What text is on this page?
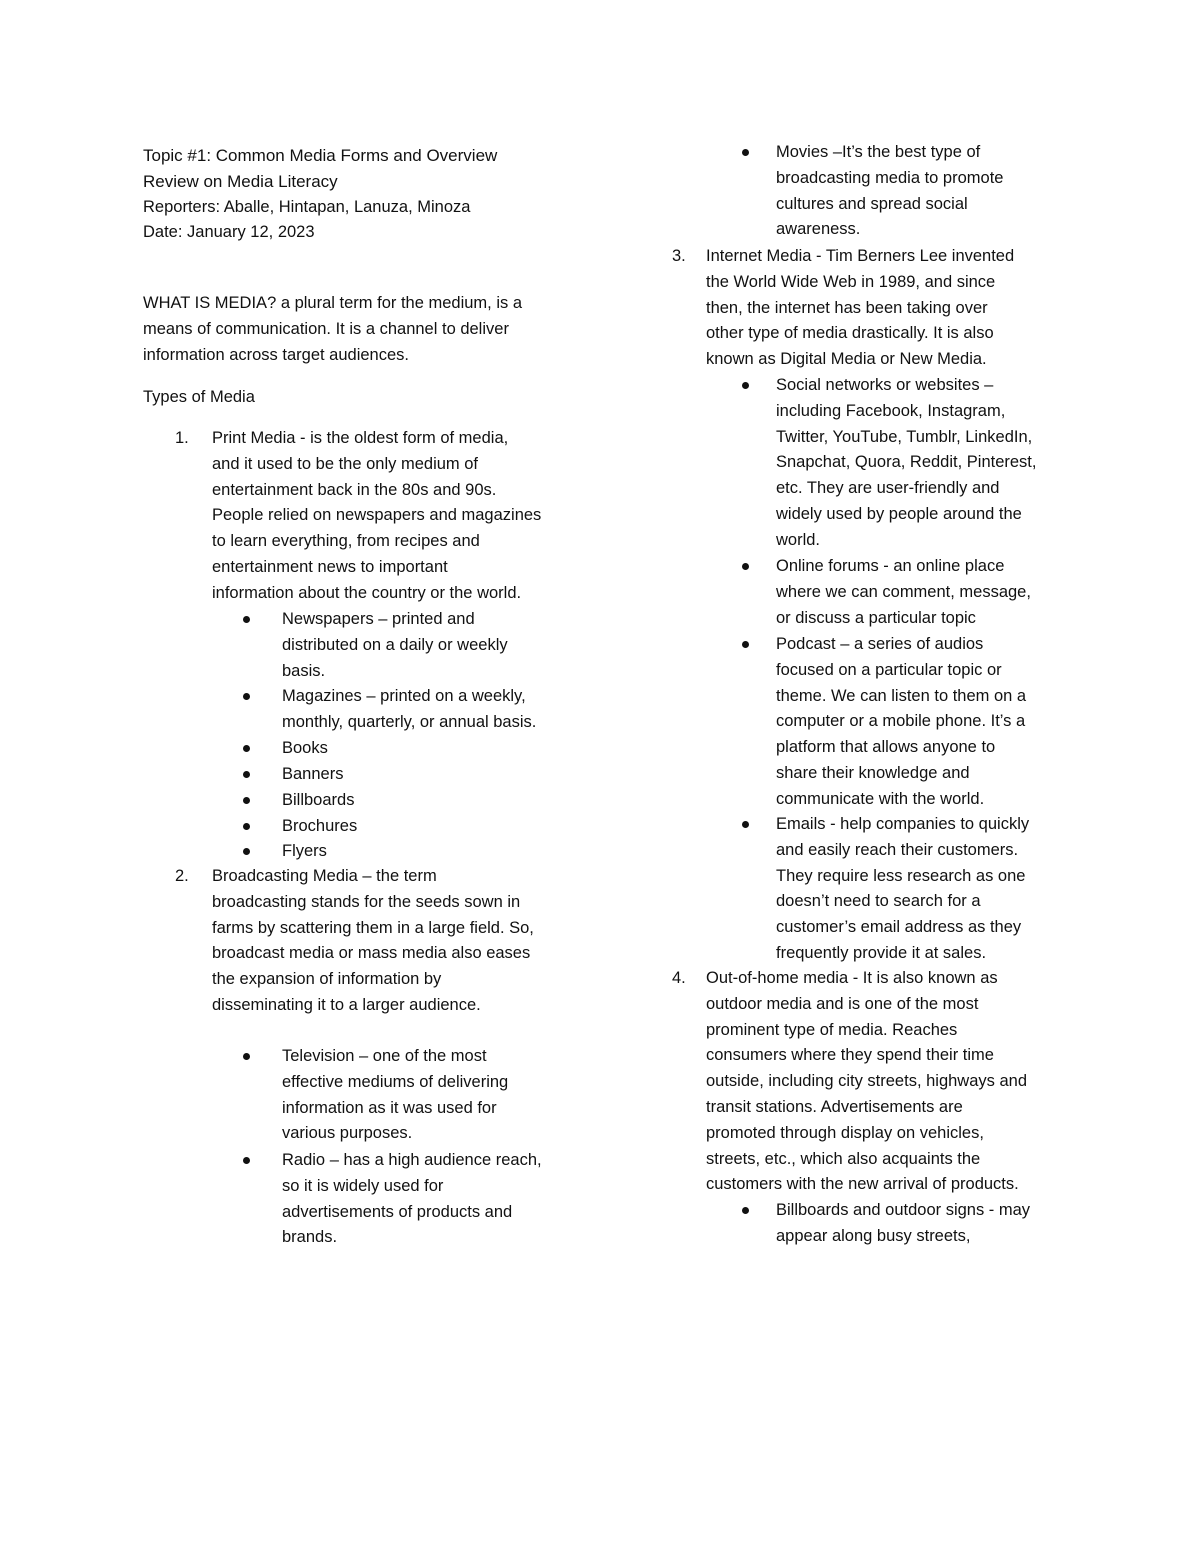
Topic #1: Common Media Forms and Overview
Review on Media Literacy
Reporters: Aballe, Hintapan, Lanuza, Minoza
Date: January 12, 2023
WHAT IS MEDIA? a plural term for the medium, is a
means of communication. It is a channel to deliver
information across target audiences.
Types of Media
1. Print Media - is the oldest form of media,
and it used to be the only medium of
entertainment back in the 80s and 90s.
People relied on newspapers and magazines
to learn everything, from recipes and
entertainment news to important
information about the country or the world.
Newspapers – printed and
distributed on a daily or weekly
basis.
Magazines – printed on a weekly,
monthly, quarterly, or annual basis.
Books
Banners
Billboards
Brochures
Flyers
2. Broadcasting Media – the term
broadcasting stands for the seeds sown in
farms by scattering them in a large field. So,
broadcast media or mass media also eases
the expansion of information by
disseminating it to a larger audience.
Television – one of the most
effective mediums of delivering
information as it was used for
various purposes.
Radio – has a high audience reach,
so it is widely used for
advertisements of products and
brands.
Movies –It’s the best type of
broadcasting media to promote
cultures and spread social
awareness.
3. Internet Media - Tim Berners Lee invented
the World Wide Web in 1989, and since
then, the internet has been taking over
other type of media drastically. It is also
known as Digital Media or New Media.
Social networks or websites –
including Facebook, Instagram,
Twitter, YouTube, Tumblr, LinkedIn,
Snapchat, Quora, Reddit, Pinterest,
etc. They are user-friendly and
widely used by people around the
world.
Online forums - an online place
where we can comment, message,
or discuss a particular topic
Podcast – a series of audios
focused on a particular topic or
theme. We can listen to them on a
computer or a mobile phone. It’s a
platform that allows anyone to
share their knowledge and
communicate with the world.
Emails - help companies to quickly
and easily reach their customers.
They require less research as one
doesn’t need to search for a
customer’s email address as they
frequently provide it at sales.
4. Out-of-home media - It is also known as
outdoor media and is one of the most
prominent type of media. Reaches
consumers where they spend their time
outside, including city streets, highways and
transit stations. Advertisements are
promoted through display on vehicles,
streets, etc., which also acquaints the
customers with the new arrival of products.
Billboards and outdoor signs - may
appear along busy streets,
